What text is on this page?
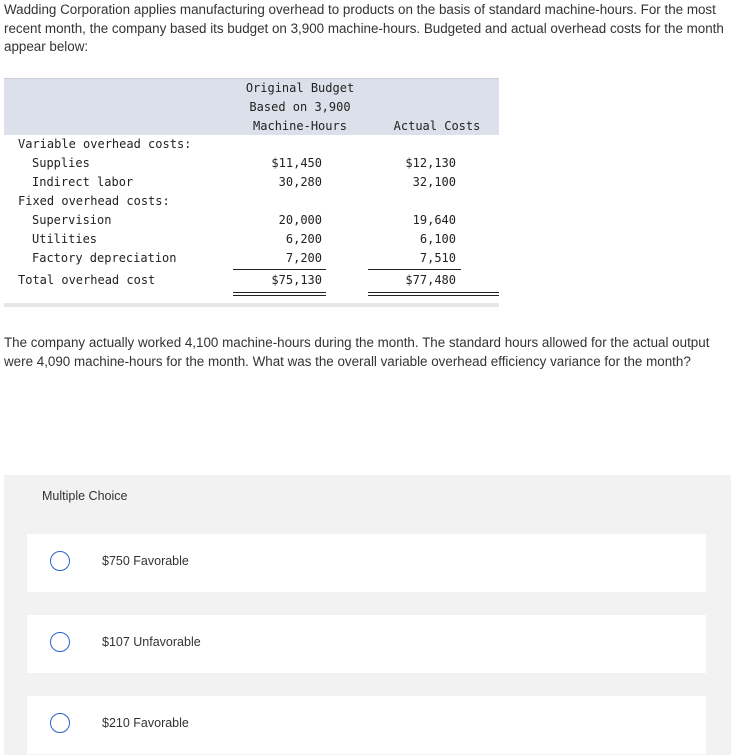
Wadding Corporation applies manufacturing overhead to products on the basis of standard machine-hours. For the most recent month, the company based its budget on 3,900 machine-hours. Budgeted and actual overhead costs for the month appear below:

Original Budget
Based on 3,900
Machine-Hours	Actual Costs
Variable overhead costs:
Supplies	$11,450	$12,130
Indirect labor	30,280	32,100
Fixed overhead costs:
Supervision	20,000	19,640
Utilities	6,200	6,100
Factory depreciation	7,200	7,510
Total overhead cost	$75,130	$77,480

The company actually worked 4,100 machine-hours during the month. The standard hours allowed for the actual output were 4,090 machine-hours for the month. What was the overall variable overhead efficiency variance for the month?

Multiple Choice
$750 Favorable
$107 Unfavorable
$210 Favorable
